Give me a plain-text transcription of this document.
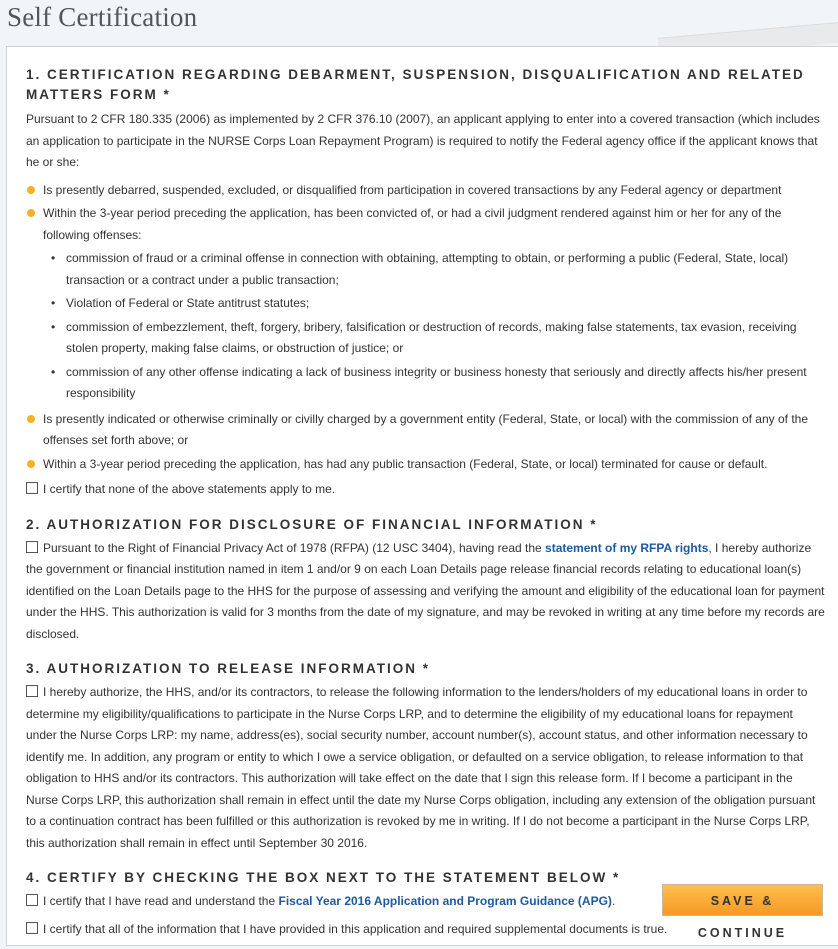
Self Certification
1. CERTIFICATION REGARDING DEBARMENT, SUSPENSION, DISQUALIFICATION AND RELATED MATTERS FORM *

Pursuant to 2 CFR 180.335 (2006) as implemented by 2 CFR 376.10 (2007), an applicant applying to enter into a covered transaction (which includes an application to participate in the NURSE Corps Loan Repayment Program) is required to notify the Federal agency office if the applicant knows that he or she:

Is presently debarred, suspended, excluded, or disqualified from participation in covered transactions by any Federal agency or department
Within the 3-year period preceding the application, has been convicted of, or had a civil judgment rendered against him or her for any of the following offenses:
• commission of fraud or a criminal offense in connection with obtaining, attempting to obtain, or performing a public (Federal, State, local) transaction or a contract under a public transaction;
• Violation of Federal or State antitrust statutes;
• commission of embezzlement, theft, forgery, bribery, falsification or destruction of records, making false statements, tax evasion, receiving stolen property, making false claims, or obstruction of justice; or
• commission of any other offense indicating a lack of business integrity or business honesty that seriously and directly affects his/her present responsibility
Is presently indicated or otherwise criminally or civilly charged by a government entity (Federal, State, or local) with the commission of any of the offenses set forth above; or
Within a 3-year period preceding the application, has had any public transaction (Federal, State, or local) terminated for cause or default.

I certify that none of the above statements apply to me.

2. AUTHORIZATION FOR DISCLOSURE OF FINANCIAL INFORMATION *

Pursuant to the Right of Financial Privacy Act of 1978 (RFPA) (12 USC 3404), having read the statement of my RFPA rights, I hereby authorize the government or financial institution named in item 1 and/or 9 on each Loan Details page release financial records relating to educational loan(s) identified on the Loan Details page to the HHS for the purpose of assessing and verifying the amount and eligibility of the educational loan for payment under the HHS. This authorization is valid for 3 months from the date of my signature, and may be revoked in writing at any time before my records are disclosed.

3. AUTHORIZATION TO RELEASE INFORMATION *

I hereby authorize, the HHS, and/or its contractors, to release the following information to the lenders/holders of my educational loans in order to determine my eligibility/qualifications to participate in the Nurse Corps LRP, and to determine the eligibility of my educational loans for repayment under the Nurse Corps LRP: my name, address(es), social security number, account number(s), account status, and other information necessary to identify me. In addition, any program or entity to which I owe a service obligation, or defaulted on a service obligation, to release information to that obligation to HHS and/or its contractors. This authorization will take effect on the date that I sign this release form. If I become a participant in the Nurse Corps LRP, this authorization shall remain in effect until the date my Nurse Corps obligation, including any extension of the obligation pursuant to a continuation contract has been fulfilled or this authorization is revoked by me in writing. If I do not become a participant in the Nurse Corps LRP, this authorization shall remain in effect until September 30 2016.

4. CERTIFY BY CHECKING THE BOX NEXT TO THE STATEMENT BELOW *

I certify that I have read and understand the Fiscal Year 2016 Application and Program Guidance (APG).

I certify that all of the information that I have provided in this application and required supplemental documents is true.

SAVE & CONTINUE
